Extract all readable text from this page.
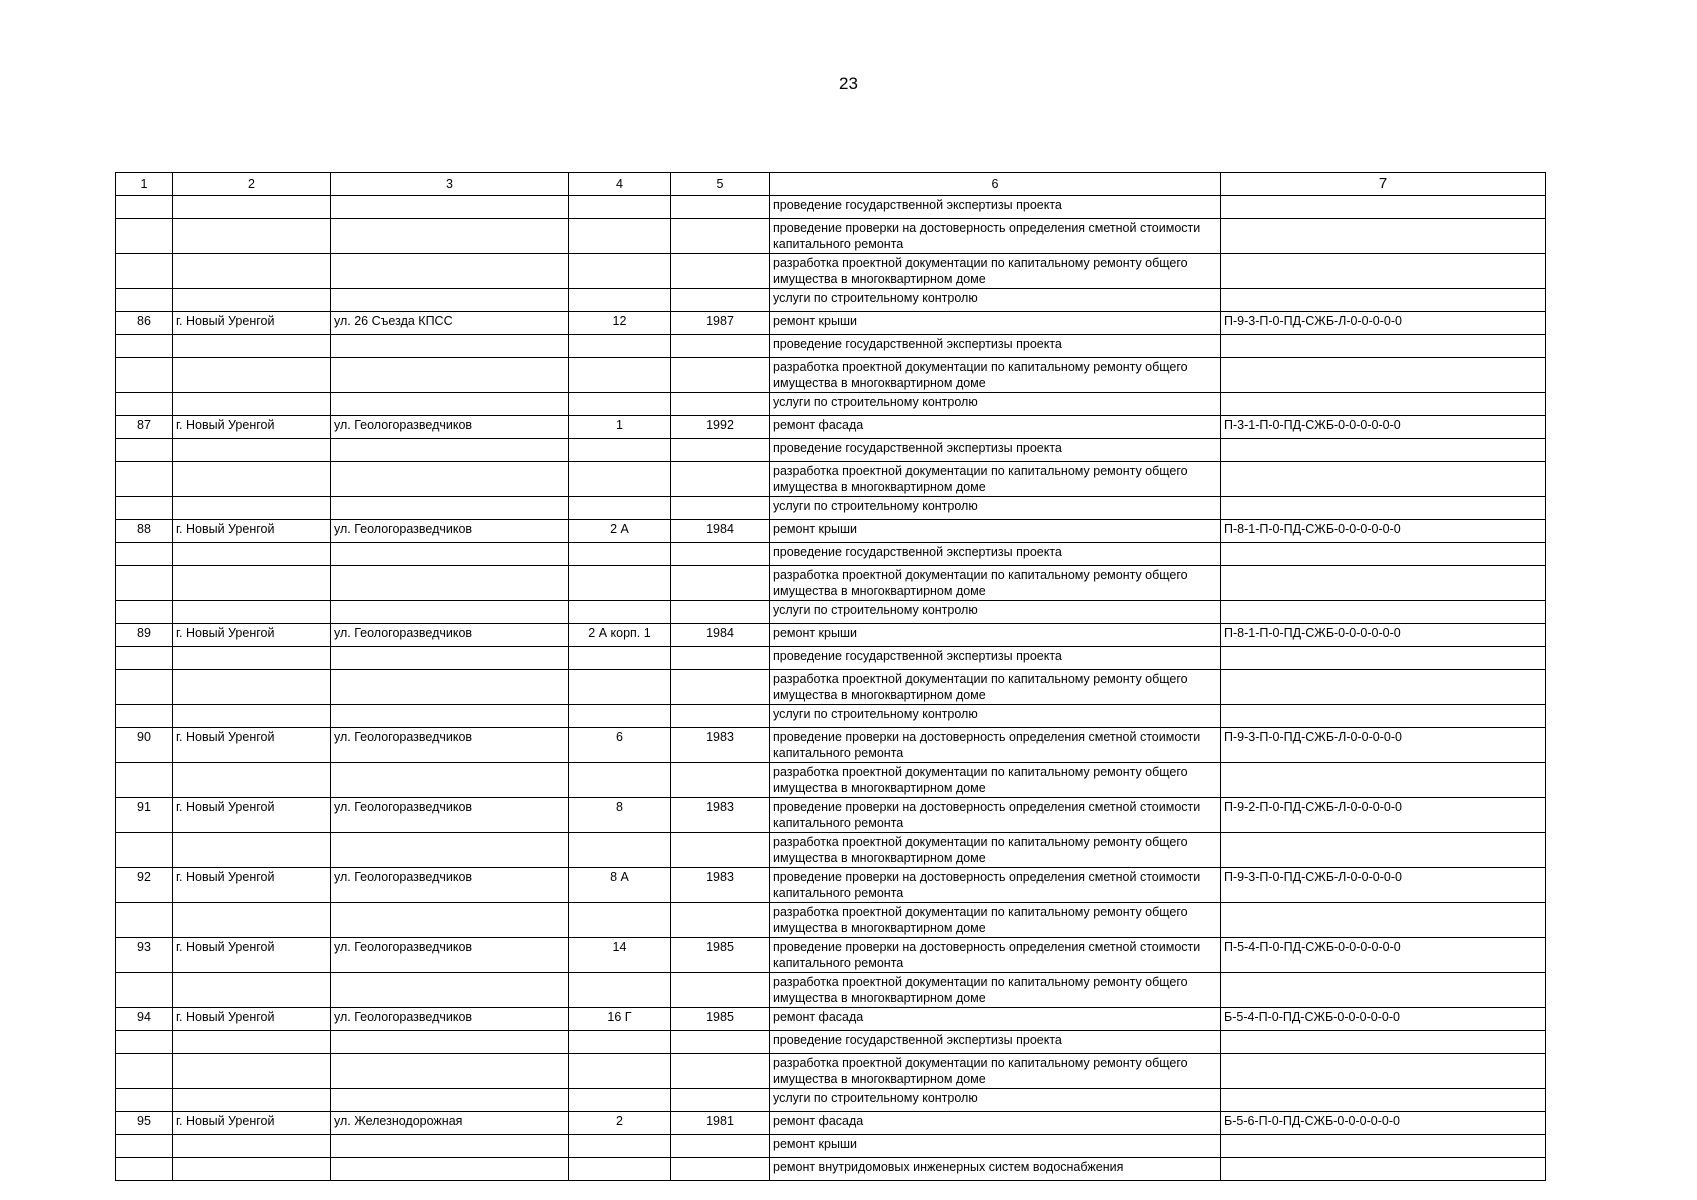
23
1	2	3	4	5	6	7
					проведение государственной экспертизы проекта	
					проведение проверки на достоверность определения сметной стоимости капитального ремонта	
					разработка проектной документации по капитальному ремонту общего имущества в многоквартирном доме	
					услуги по строительному контролю	
86	г. Новый Уренгой	ул. 26 Съезда КПСС	12	1987	ремонт крыши	П-9-3-П-0-ПД-СЖБ-Л-0-0-0-0-0
					проведение государственной экспертизы проекта	
					разработка проектной документации по капитальному ремонту общего имущества в многоквартирном доме	
					услуги по строительному контролю	
87	г. Новый Уренгой	ул. Геологоразведчиков	1	1992	ремонт фасада	П-3-1-П-0-ПД-СЖБ-0-0-0-0-0-0
					проведение государственной экспертизы проекта	
					разработка проектной документации по капитальному ремонту общего имущества в многоквартирном доме	
					услуги по строительному контролю	
88	г. Новый Уренгой	ул. Геологоразведчиков	2 А	1984	ремонт крыши	П-8-1-П-0-ПД-СЖБ-0-0-0-0-0-0
					проведение государственной экспертизы проекта	
					разработка проектной документации по капитальному ремонту общего имущества в многоквартирном доме	
					услуги по строительному контролю	
89	г. Новый Уренгой	ул. Геологоразведчиков	2 А корп. 1	1984	ремонт крыши	П-8-1-П-0-ПД-СЖБ-0-0-0-0-0-0
					проведение государственной экспертизы проекта	
					разработка проектной документации по капитальному ремонту общего имущества в многоквартирном доме	
					услуги по строительному контролю	
90	г. Новый Уренгой	ул. Геологоразведчиков	6	1983	проведение проверки на достоверность определения сметной стоимости капитального ремонта	П-9-3-П-0-ПД-СЖБ-Л-0-0-0-0-0
					разработка проектной документации по капитальному ремонту общего имущества в многоквартирном доме	
91	г. Новый Уренгой	ул. Геологоразведчиков	8	1983	проведение проверки на достоверность определения сметной стоимости капитального ремонта	П-9-2-П-0-ПД-СЖБ-Л-0-0-0-0-0
					разработка проектной документации по капитальному ремонту общего имущества в многоквартирном доме	
92	г. Новый Уренгой	ул. Геологоразведчиков	8 А	1983	проведение проверки на достоверность определения сметной стоимости капитального ремонта	П-9-3-П-0-ПД-СЖБ-Л-0-0-0-0-0
					разработка проектной документации по капитальному ремонту общего имущества в многоквартирном доме	
93	г. Новый Уренгой	ул. Геологоразведчиков	14	1985	проведение проверки на достоверность определения сметной стоимости капитального ремонта	П-5-4-П-0-ПД-СЖБ-0-0-0-0-0-0
					разработка проектной документации по капитальному ремонту общего имущества в многоквартирном доме	
94	г. Новый Уренгой	ул. Геологоразведчиков	16 Г	1985	ремонт фасада	Б-5-4-П-0-ПД-СЖБ-0-0-0-0-0-0
					проведение государственной экспертизы проекта	
					разработка проектной документации по капитальному ремонту общего имущества в многоквартирном доме	
					услуги по строительному контролю	
95	г. Новый Уренгой	ул. Железнодорожная	2	1981	ремонт фасада	Б-5-6-П-0-ПД-СЖБ-0-0-0-0-0-0
					ремонт крыши	
					ремонт внутридомовых инженерных систем водоснабжения	
